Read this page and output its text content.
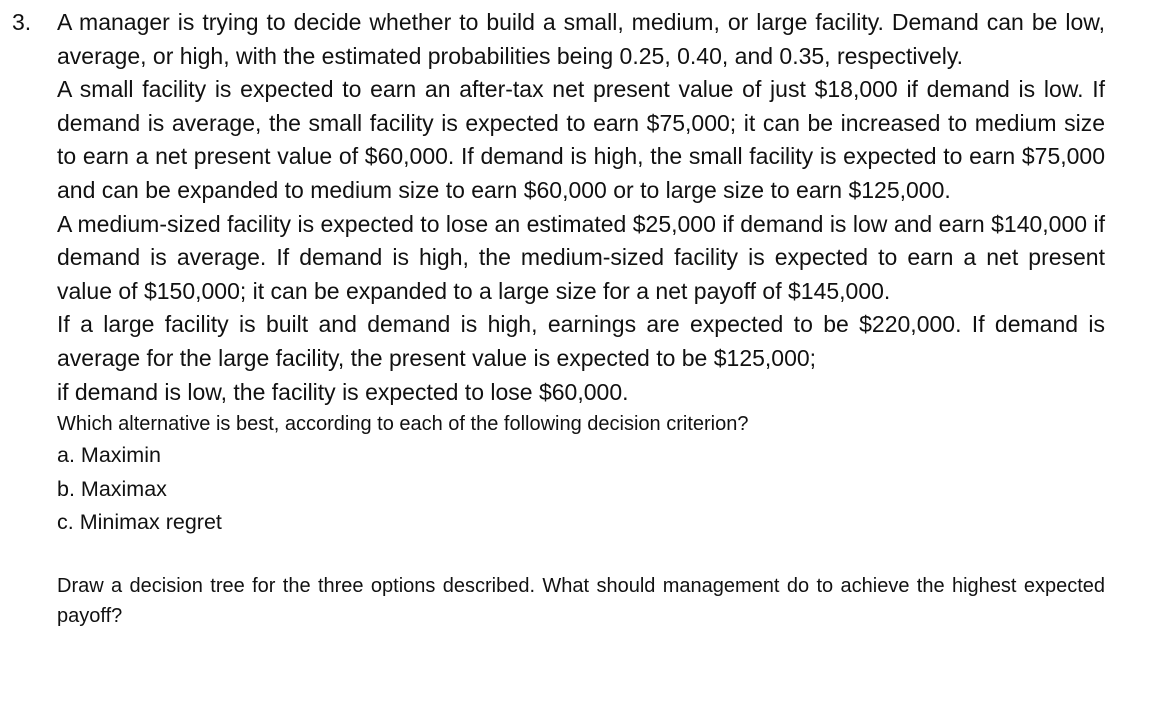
3. A manager is trying to decide whether to build a small, medium, or large facility. Demand can be low, average, or high, with the estimated probabilities being 0.25, 0.40, and 0.35, respectively.

A small facility is expected to earn an after-tax net present value of just $18,000 if demand is low. If demand is average, the small facility is expected to earn $75,000; it can be increased to medium size to earn a net present value of $60,000. If demand is high, the small facility is expected to earn $75,000 and can be expanded to medium size to earn $60,000 or to large size to earn $125,000.

A medium-sized facility is expected to lose an estimated $25,000 if demand is low and earn $140,000 if demand is average. If demand is high, the medium-sized facility is expected to earn a net present value of $150,000; it can be expanded to a large size for a net payoff of $145,000.

If a large facility is built and demand is high, earnings are expected to be $220,000. If demand is average for the large facility, the present value is expected to be $125,000;

if demand is low, the facility is expected to lose $60,000.

Which alternative is best, according to each of the following decision criterion?

a. Maximin
b. Maximax
c. Minimax regret

Draw a decision tree for the three options described. What should management do to achieve the highest expected payoff?
